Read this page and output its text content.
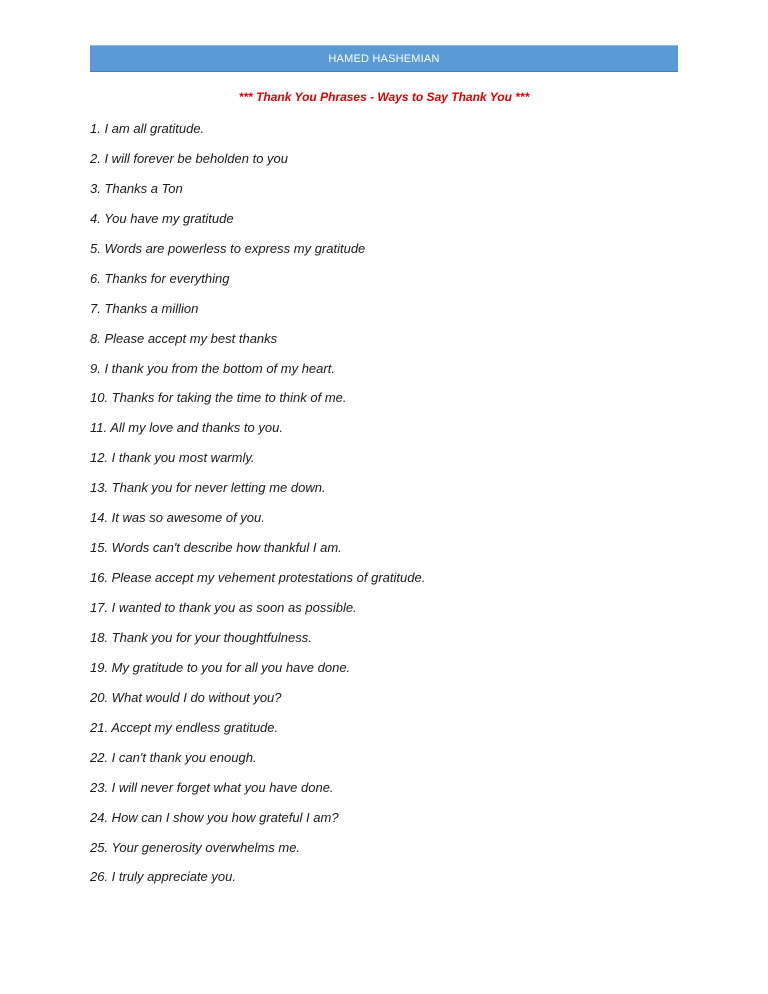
HAMED HASHEMIAN
*** Thank You Phrases - Ways to Say Thank You ***
1. I am all gratitude.
2. I will forever be beholden to you
3. Thanks a Ton
4. You have my gratitude
5. Words are powerless to express my gratitude
6. Thanks for everything
7. Thanks a million
8. Please accept my best thanks
9. I thank you from the bottom of my heart.
10. Thanks for taking the time to think of me.
11. All my love and thanks to you.
12. I thank you most warmly.
13. Thank you for never letting me down.
14. It was so awesome of you.
15. Words can't describe how thankful I am.
16. Please accept my vehement protestations of gratitude.
17. I wanted to thank you as soon as possible.
18. Thank you for your thoughtfulness.
19. My gratitude to you for all you have done.
20. What would I do without you?
21. Accept my endless gratitude.
22. I can't thank you enough.
23. I will never forget what you have done.
24. How can I show you how grateful I am?
25. Your generosity overwhelms me.
26. I truly appreciate you.
